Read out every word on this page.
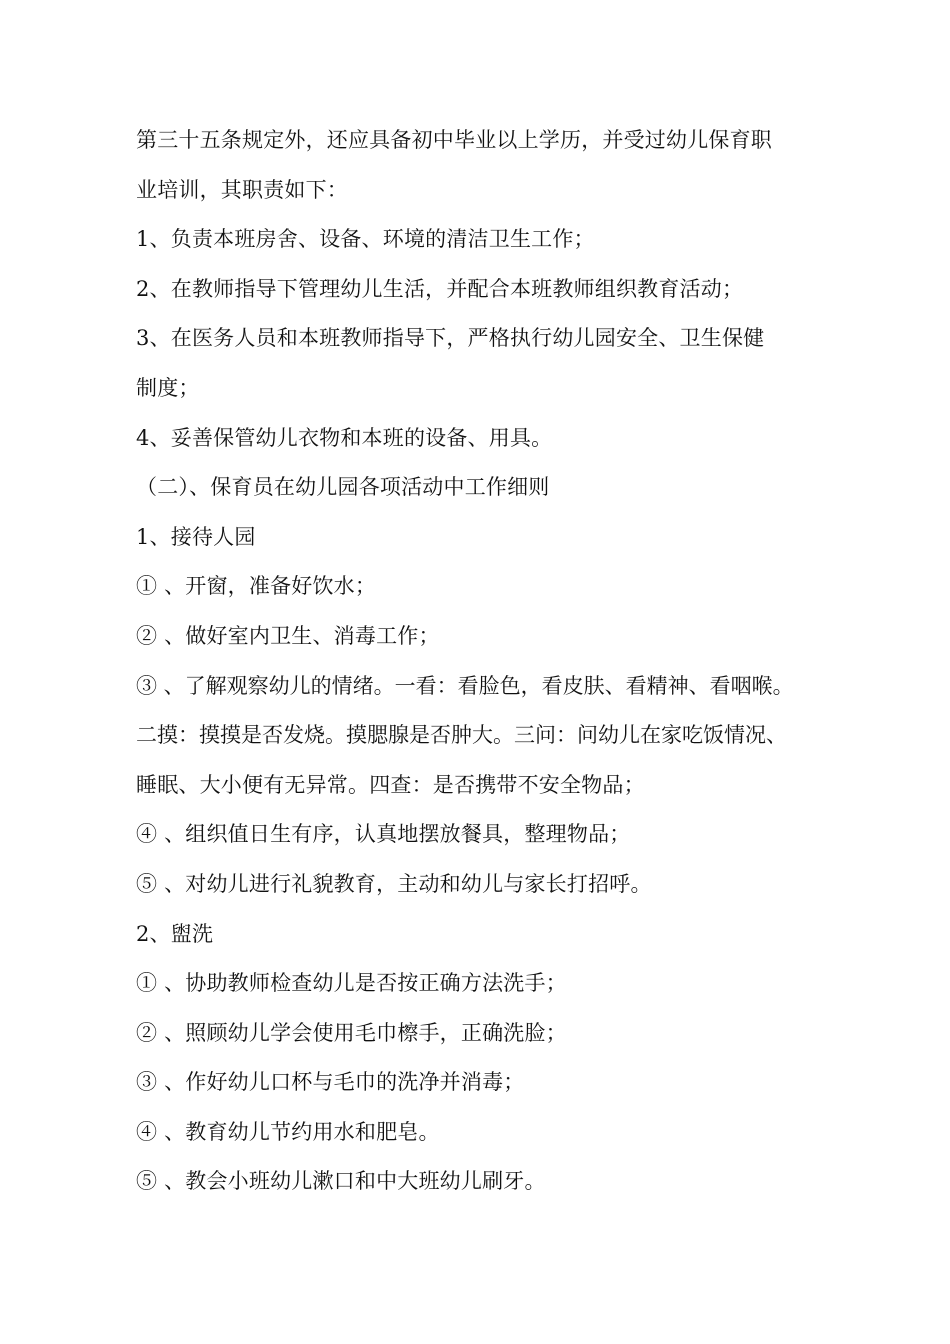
第三十五条规定外，还应具备初中毕业以上学历，并受过幼儿保育职
业培训，其职责如下：
1、负责本班房舍、设备、环境的清洁卫生工作；
2、在教师指导下管理幼儿生活，并配合本班教师组织教育活动；
3、在医务人员和本班教师指导下，严格执行幼儿园安全、卫生保健
制度；
4、妥善保管幼儿衣物和本班的设备、用具。
（二）、保育员在幼儿园各项活动中工作细则
1、接待人园
① 、开窗，准备好饮水；
② 、做好室内卫生、消毒工作；
③ 、了解观察幼儿的情绪。一看：看脸色，看皮肤、看精神、看咽喉。
二摸：摸摸是否发烧。摸腮腺是否肿大。三问：问幼儿在家吃饭情况、
睡眠、大小便有无异常。四查：是否携带不安全物品；
④ 、组织值日生有序，认真地摆放餐具，整理物品；
⑤ 、对幼儿进行礼貌教育，主动和幼儿与家长打招呼。
2、盥洗
① 、协助教师检查幼儿是否按正确方法洗手；
② 、照顾幼儿学会使用毛巾檫手，正确洗脸；
③ 、作好幼儿口杯与毛巾的洗净并消毒；
④ 、教育幼儿节约用水和肥皂。
⑤ 、教会小班幼儿漱口和中大班幼儿刷牙。
